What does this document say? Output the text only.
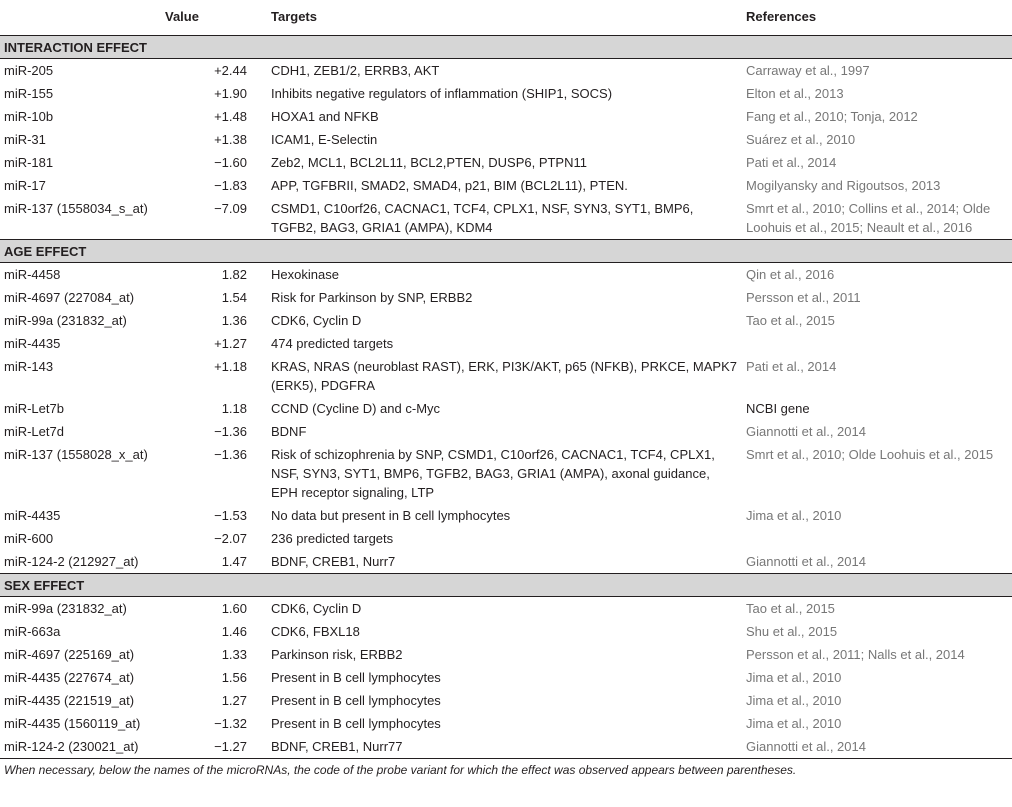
	Value	Targets	References
INTERACTION EFFECT			
miR-205	+2.44	CDH1, ZEB1/2, ERRB3, AKT	Carraway et al., 1997
miR-155	+1.90	Inhibits negative regulators of inflammation (SHIP1, SOCS)	Elton et al., 2013
miR-10b	+1.48	HOXA1 and NFKB	Fang et al., 2010; Tonja, 2012
miR-31	+1.38	ICAM1, E-Selectin	Suárez et al., 2010
miR-181	−1.60	Zeb2, MCL1, BCL2L11, BCL2,PTEN, DUSP6, PTPN11	Pati et al., 2014
miR-17	−1.83	APP, TGFBRII, SMAD2, SMAD4, p21, BIM (BCL2L11), PTEN.	Mogilyansky and Rigoutsos, 2013
miR-137 (1558034_s_at)	−7.09	CSMD1, C10orf26, CACNAC1, TCF4, CPLX1, NSF, SYN3, SYT1, BMP6, TGFB2, BAG3, GRIA1 (AMPA), KDM4	Smrt et al., 2010; Collins et al., 2014; Olde Loohuis et al., 2015; Neault et al., 2016
AGE EFFECT			
miR-4458	1.82	Hexokinase	Qin et al., 2016
miR-4697 (227084_at)	1.54	Risk for Parkinson by SNP, ERBB2	Persson et al., 2011
miR-99a (231832_at)	1.36	CDK6, Cyclin D	Tao et al., 2015
miR-4435	+1.27	474 predicted targets	
miR-143	+1.18	KRAS, NRAS (neuroblast RAST), ERK, PI3K/AKT, p65 (NFKB), PRKCE, MAPK7 (ERK5), PDGFRA	Pati et al., 2014
miR-Let7b	1.18	CCND (Cycline D) and c-Myc	NCBI gene
miR-Let7d	−1.36	BDNF	Giannotti et al., 2014
miR-137 (1558028_x_at)	−1.36	Risk of schizophrenia by SNP, CSMD1, C10orf26, CACNAC1, TCF4, CPLX1, NSF, SYN3, SYT1, BMP6, TGFB2, BAG3, GRIA1 (AMPA), axonal guidance, EPH receptor signaling, LTP	Smrt et al., 2010; Olde Loohuis et al., 2015
miR-4435	−1.53	No data but present in B cell lymphocytes	Jima et al., 2010
miR-600	−2.07	236 predicted targets	
miR-124-2 (212927_at)	1.47	BDNF, CREB1, Nurr7	Giannotti et al., 2014
SEX EFFECT			
miR-99a (231832_at)	1.60	CDK6, Cyclin D	Tao et al., 2015
miR-663a	1.46	CDK6, FBXL18	Shu et al., 2015
miR-4697 (225169_at)	1.33	Parkinson risk, ERBB2	Persson et al., 2011; Nalls et al., 2014
miR-4435 (227674_at)	1.56	Present in B cell lymphocytes	Jima et al., 2010
miR-4435 (221519_at)	1.27	Present in B cell lymphocytes	Jima et al., 2010
miR-4435 (1560119_at)	−1.32	Present in B cell lymphocytes	Jima et al., 2010
miR-124-2 (230021_at)	−1.27	BDNF, CREB1, Nurr77	Giannotti et al., 2014
When necessary, below the names of the microRNAs, the code of the probe variant for which the effect was observed appears between parentheses.
